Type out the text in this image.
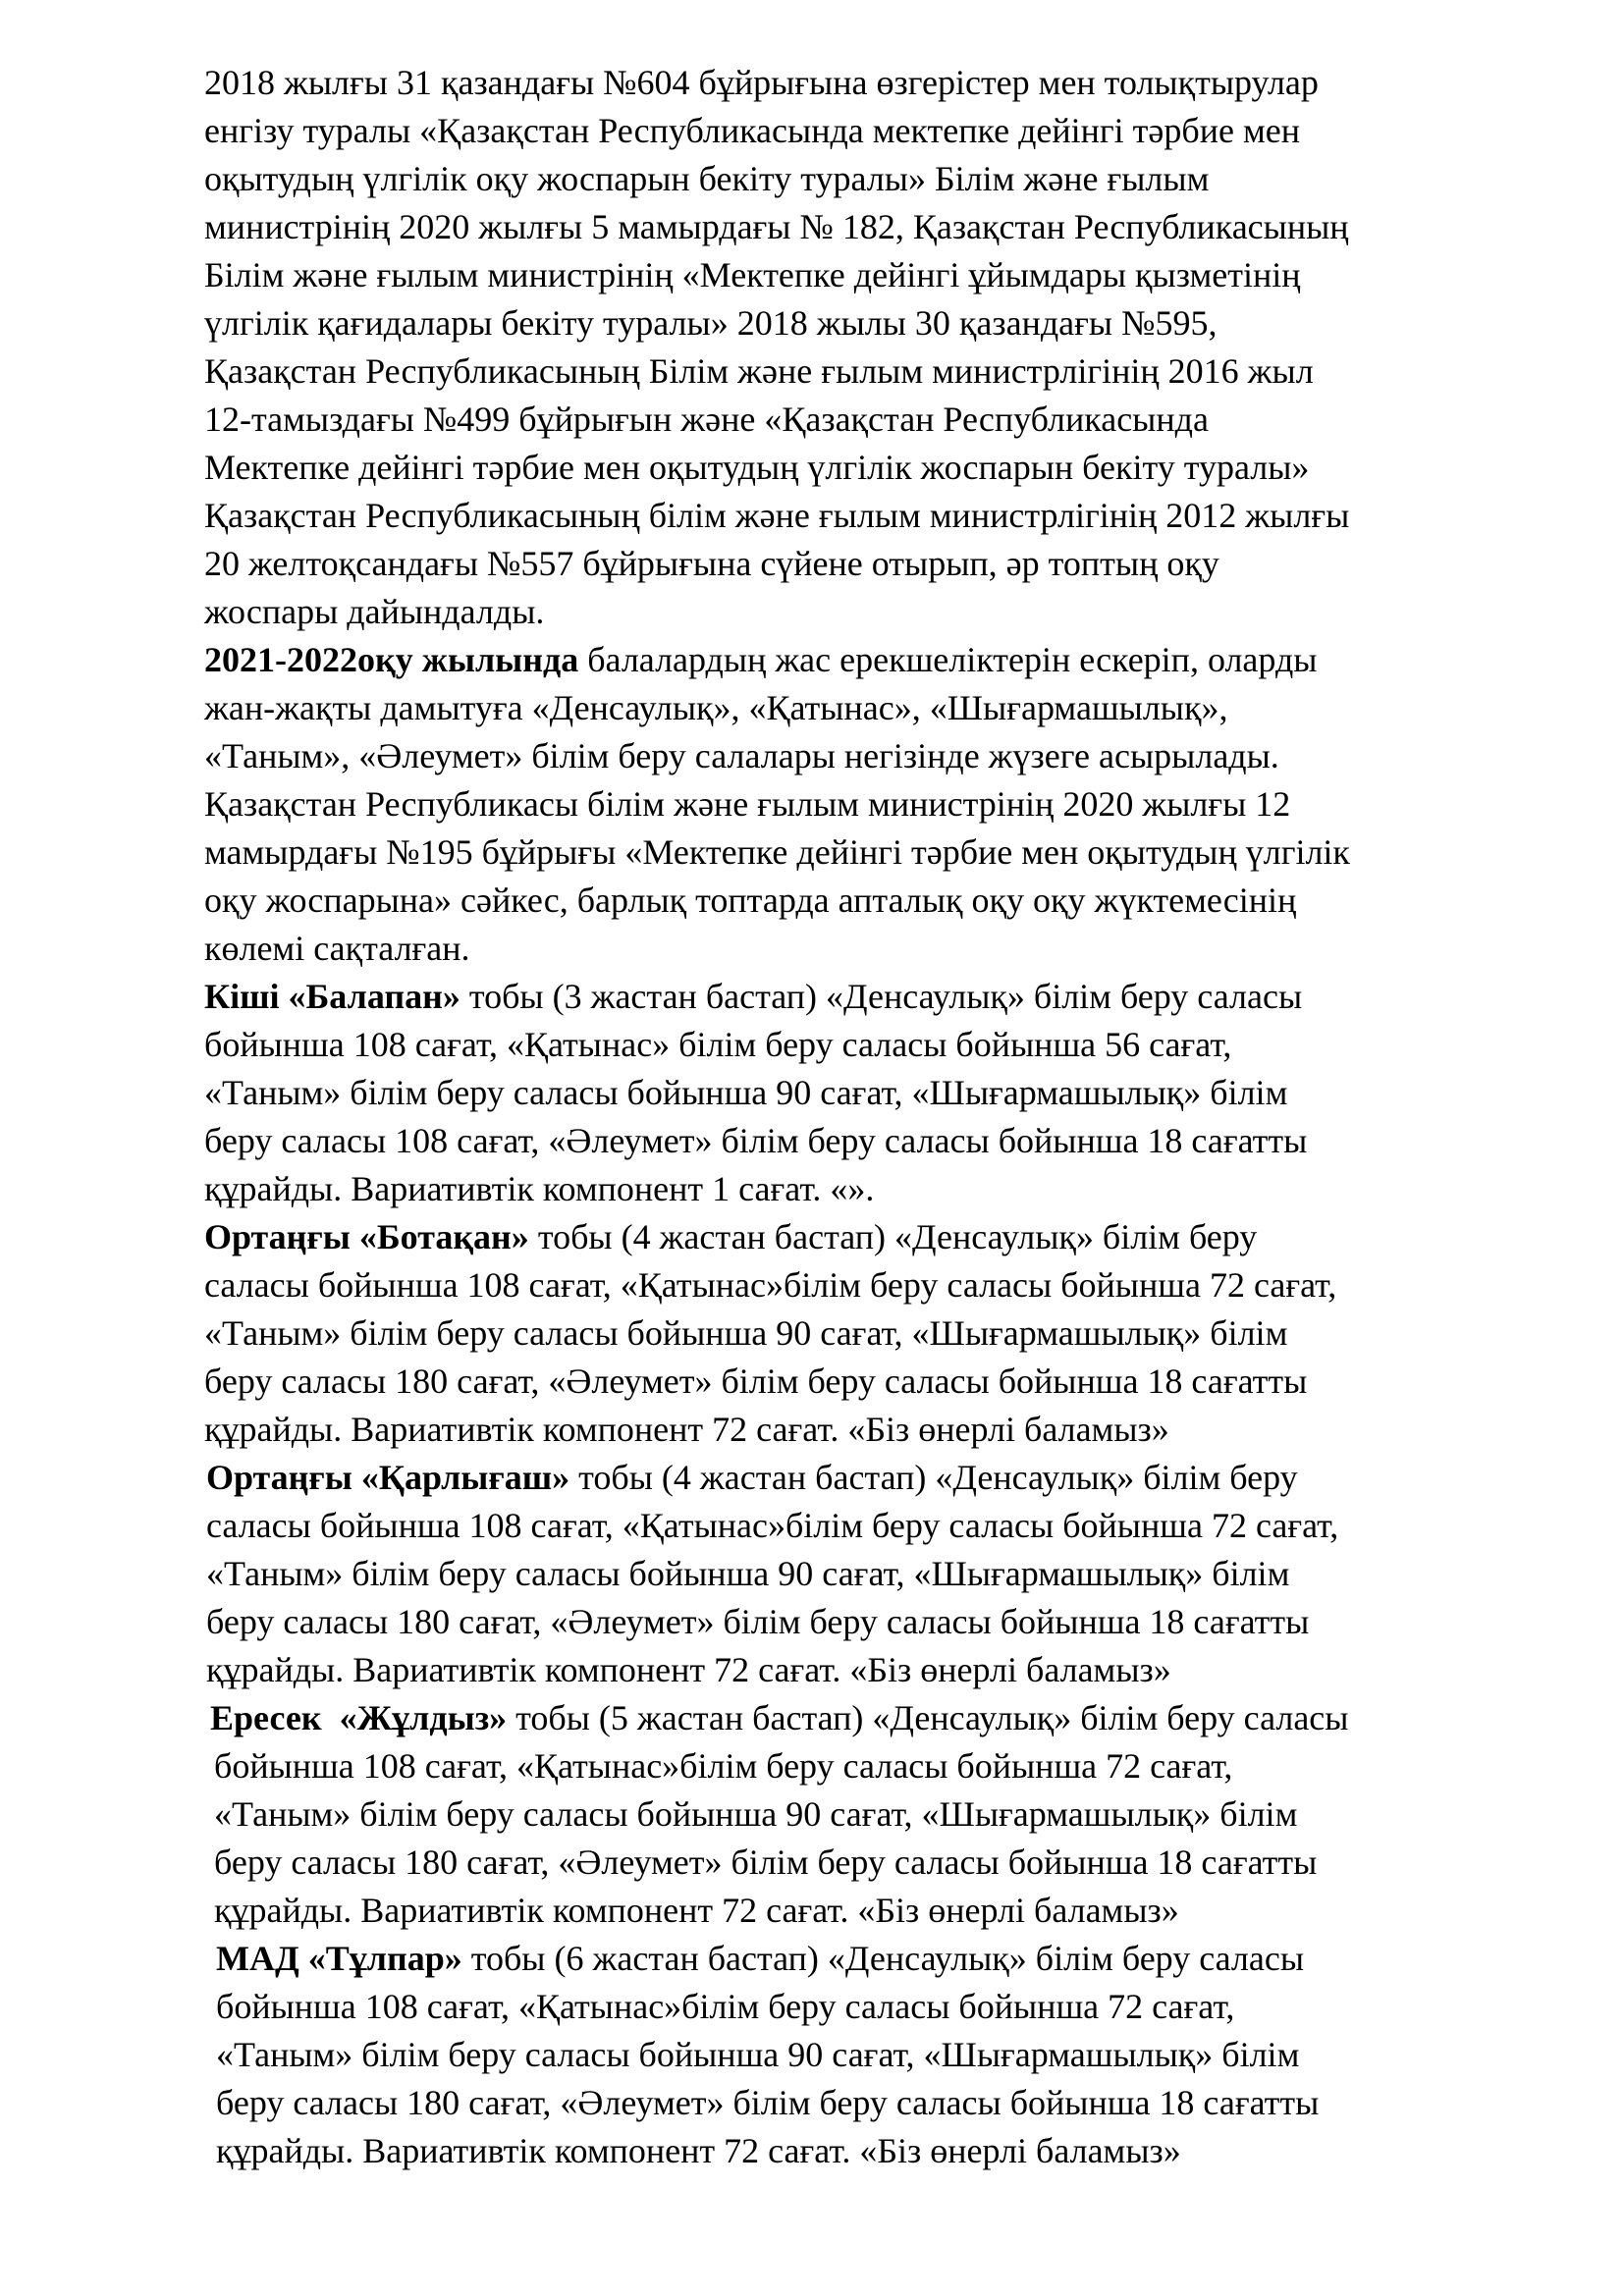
2018 жылғы 31 қазандағы №604 бұйрығына өзгерістер мен толықтырулар
енгізу туралы «Қазақстан Республикасында мектепке дейінгі тәрбие мен
оқытудың үлгілік оқу жоспарын бекіту туралы» Білім және ғылым
министрінің 2020 жылғы 5 мамырдағы № 182, Қазақстан Республикасының
Білім және ғылым министрінің «Мектепке дейінгі ұйымдары қызметінің
үлгілік қағидалары бекіту туралы» 2018 жылы 30 қазандағы №595,
Қазақстан Республикасының Білім және ғылым министрлігінің 2016 жыл
12-тамыздағы №499 бұйрығын және «Қазақстан Республикасында
Мектепке дейінгі тәрбие мен оқытудың үлгілік жоспарын бекіту туралы»
Қазақстан Республикасының білім және ғылым министрлігінің 2012 жылғы
20 желтоқсандағы №557 бұйрығына сүйене отырып, әр топтың оқу
жоспары дайындалды.
2021-2022оқу жылында балалардың жас ерекшеліктерін ескеріп, оларды
жан-жақты дамытуға «Денсаулық», «Қатынас», «Шығармашылық»,
«Таным», «Әлеумет» білім беру салалары негізінде жүзеге асырылады.
Қазақстан Республикасы білім және ғылым министрінің 2020 жылғы 12
мамырдағы №195 бұйрығы «Мектепке дейінгі тәрбие мен оқытудың үлгілік
оқу жоспарына» сәйкес, барлық топтарда апталық оқу оқу жүктемесінің
көлемі сақталған.
Кіші «Балапан» тобы (3 жастан бастап) «Денсаулық» білім беру саласы
бойынша 108 сағат, «Қатынас» білім беру саласы бойынша 56 сағат,
«Таным» білім беру саласы бойынша 90 сағат, «Шығармашылық» білім
беру саласы 108 сағат, «Әлеумет» білім беру саласы бойынша 18 сағатты
құрайды. Вариативтік компонент 1 сағат. «».
Ортаңғы «Ботақан» тобы (4 жастан бастап) «Денсаулық» білім беру
саласы бойынша 108 сағат, «Қатынас»білім беру саласы бойынша 72 сағат,
«Таным» білім беру саласы бойынша 90 сағат, «Шығармашылық» білім
беру саласы 180 сағат, «Әлеумет» білім беру саласы бойынша 18 сағатты
құрайды. Вариативтік компонент 72 сағат. «Біз өнерлі баламыз»
Ортаңғы «Қарлығаш» тобы (4 жастан бастап) «Денсаулық» білім беру
саласы бойынша 108 сағат, «Қатынас»білім беру саласы бойынша 72 сағат,
«Таным» білім беру саласы бойынша 90 сағат, «Шығармашылық» білім
беру саласы 180 сағат, «Әлеумет» білім беру саласы бойынша 18 сағатты
құрайды. Вариативтік компонент 72 сағат. «Біз өнерлі баламыз»
Ересек  «Жұлдыз» тобы (5 жастан бастап) «Денсаулық» білім беру саласы
бойынша 108 сағат, «Қатынас»білім беру саласы бойынша 72 сағат,
«Таным» білім беру саласы бойынша 90 сағат, «Шығармашылық» білім
беру саласы 180 сағат, «Әлеумет» білім беру саласы бойынша 18 сағатты
құрайды. Вариативтік компонент 72 сағат. «Біз өнерлі баламыз»
МАД «Тұлпар» тобы (6 жастан бастап) «Денсаулық» білім беру саласы
бойынша 108 сағат, «Қатынас»білім беру саласы бойынша 72 сағат,
«Таным» білім беру саласы бойынша 90 сағат, «Шығармашылық» білім
беру саласы 180 сағат, «Әлеумет» білім беру саласы бойынша 18 сағатты
құрайды. Вариативтік компонент 72 сағат. «Біз өнерлі баламыз»
